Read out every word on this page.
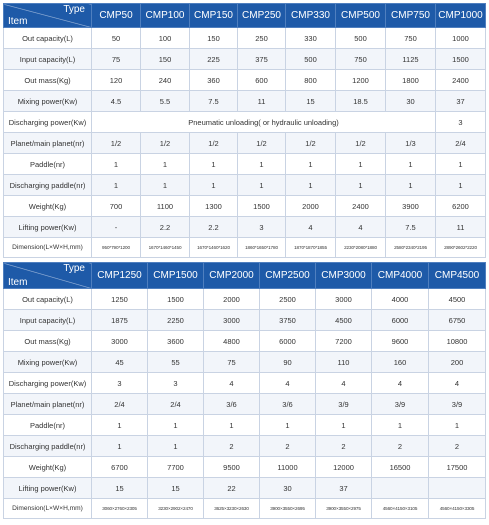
Type
Item	CMP50	CMP100	CMP150	CMP250	CMP330	CMP500	CMP750	CMP1000
Out capacity(L)	50	100	150	250	330	500	750	1000
Input capacity(L)	75	150	225	375	500	750	1125	1500
Out mass(Kg)	120	240	360	600	800	1200	1800	2400
Mixing power(Kw)	4.5	5.5	7.5	11	15	18.5	30	37
Discharging power(Kw)	Pneumatic unloading( or hydraulic unloading)							3
Planet/main planet(nr)	1/2	1/2	1/2	1/2	1/2	1/2	1/3	2/4
Paddle(nr)	1	1	1	1	1	1	1	1
Discharging paddle(nr)	1	1	1	1	1	1	1	1
Weight(Kg)	700	1100	1300	1500	2000	2400	3900	6200
Lifting power(Kw)	-	2.2	2.2	3	4	4	7.5	11
Dimension(L×W×H,mm)	950*790*1200	1670*1460*1450	1670*1460*1620	1860*1650*1780	1870*1870*1855	2230*2080*1880	2580*2340*2195	2890*2602*2220
Type
Item	CMP1250	CMP1500	CMP2000	CMP2500	CMP3000	CMP4000	CMP4500
Out capacity(L)	1250	1500	2000	2500	3000	4000	4500
Input capacity(L)	1875	2250	3000	3750	4500	6000	6750
Out mass(Kg)	3000	3600	4800	6000	7200	9600	10800
Mixing power(Kw)	45	55	75	90	110	160	200
Discharging power(Kw)	3	3	4	4	4	4	4
Planet/main planet(nr)	2/4	2/4	3/6	3/6	3/9	3/9	3/9
Paddle(nr)	1	1	1	1	1	1	1
Discharging paddle(nr)	1	1	2	2	2	2	2
Weight(Kg)	6700	7700	9500	11000	12000	16500	17500
Lifting power(Kw)	15	15	22	30	37		
Dimension(L×W×H,mm)	3060×2760×2305	3230×2902×2470	3625×3230×2630	3900×3550×2695	3900×3550×2975	4560×4150×3105	4560×4150×3305
